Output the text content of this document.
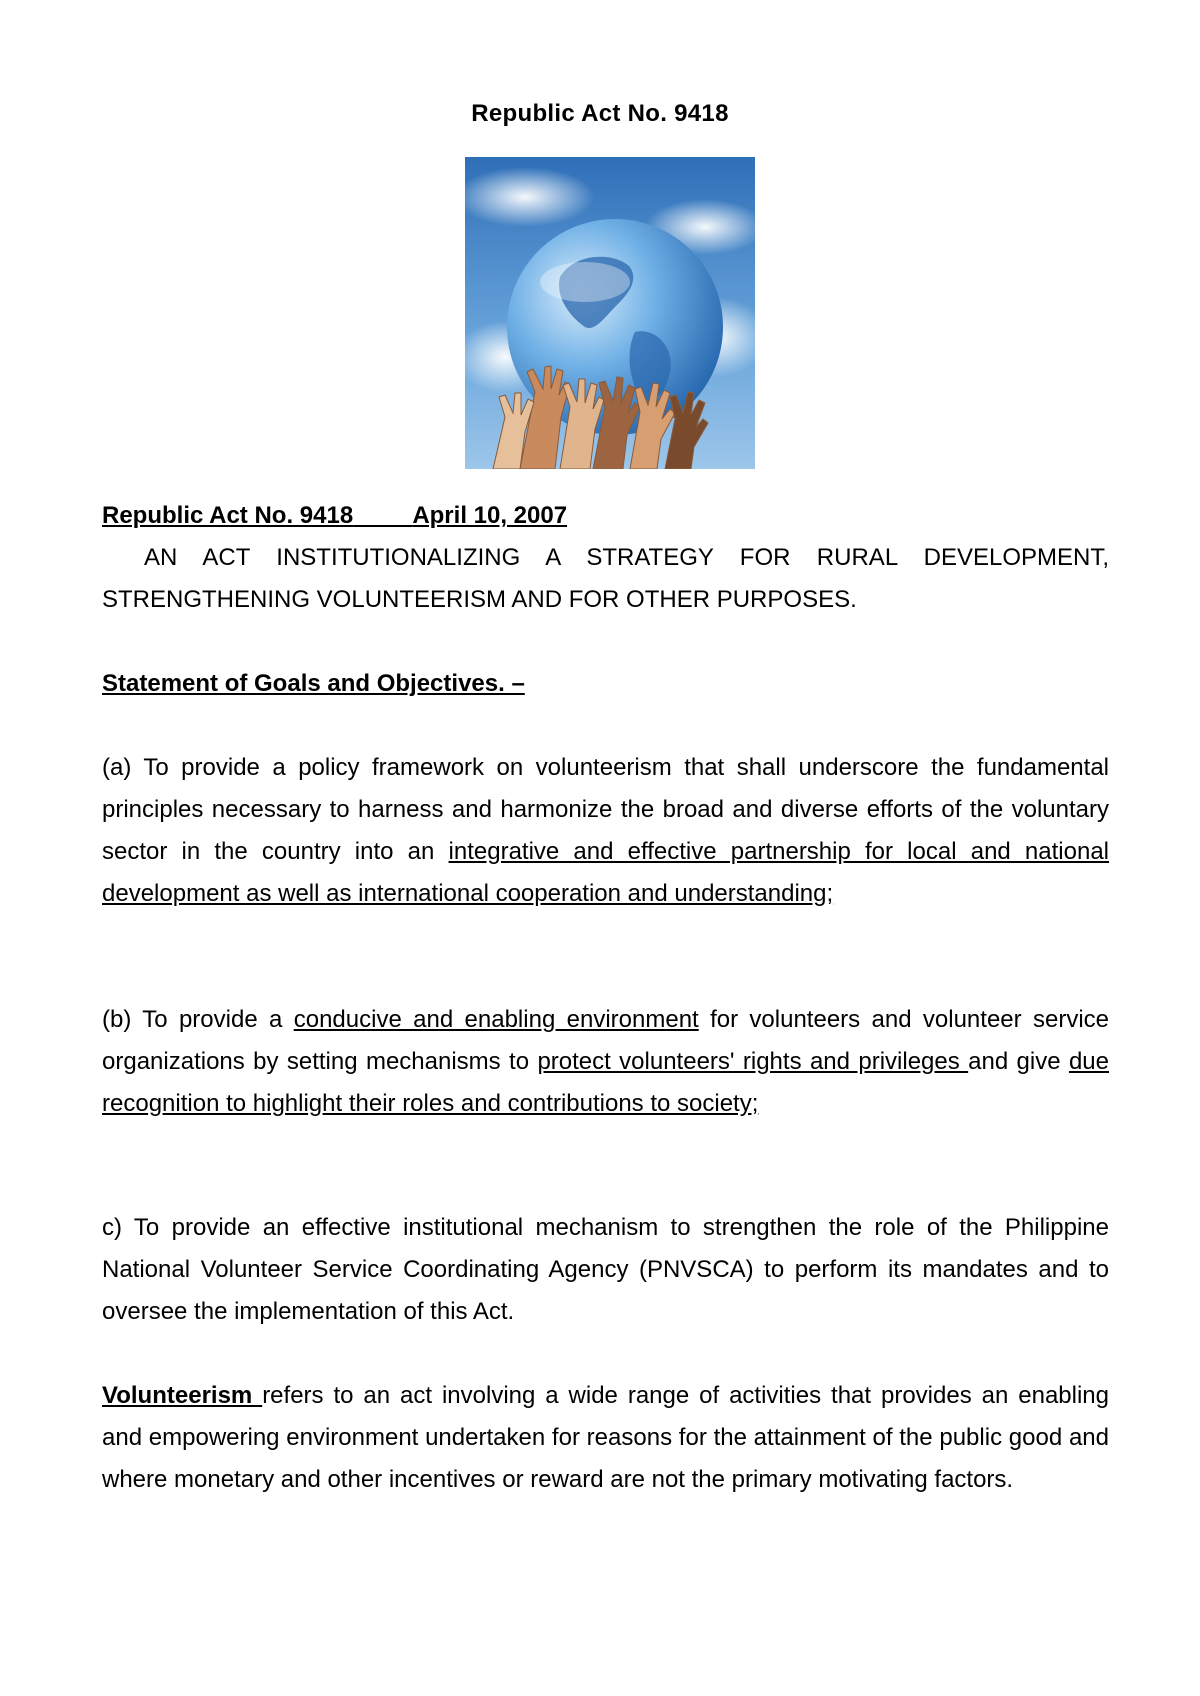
Republic Act No. 9418
Republic Act No. 9418 April 10, 2007
AN ACT INSTITUTIONALIZING A STRATEGY FOR RURAL DEVELOPMENT, STRENGTHENING VOLUNTEERISM AND FOR OTHER PURPOSES.
Statement of Goals and Objectives. –
(a) To provide a policy framework on volunteerism that shall underscore the fundamental principles necessary to harness and harmonize the broad and diverse efforts of the voluntary sector in the country into an integrative and effective partnership for local and national development as well as international cooperation and understanding;
(b) To provide a conducive and enabling environment for volunteers and volunteer service organizations by setting mechanisms to protect volunteers' rights and privileges and give due recognition to highlight their roles and contributions to society;
c) To provide an effective institutional mechanism to strengthen the role of the Philippine National Volunteer Service Coordinating Agency (PNVSCA) to perform its mandates and to oversee the implementation of this Act.
Volunteerism refers to an act involving a wide range of activities that provides an enabling and empowering environment undertaken for reasons for the attainment of the public good and where monetary and other incentives or reward are not the primary motivating factors.
